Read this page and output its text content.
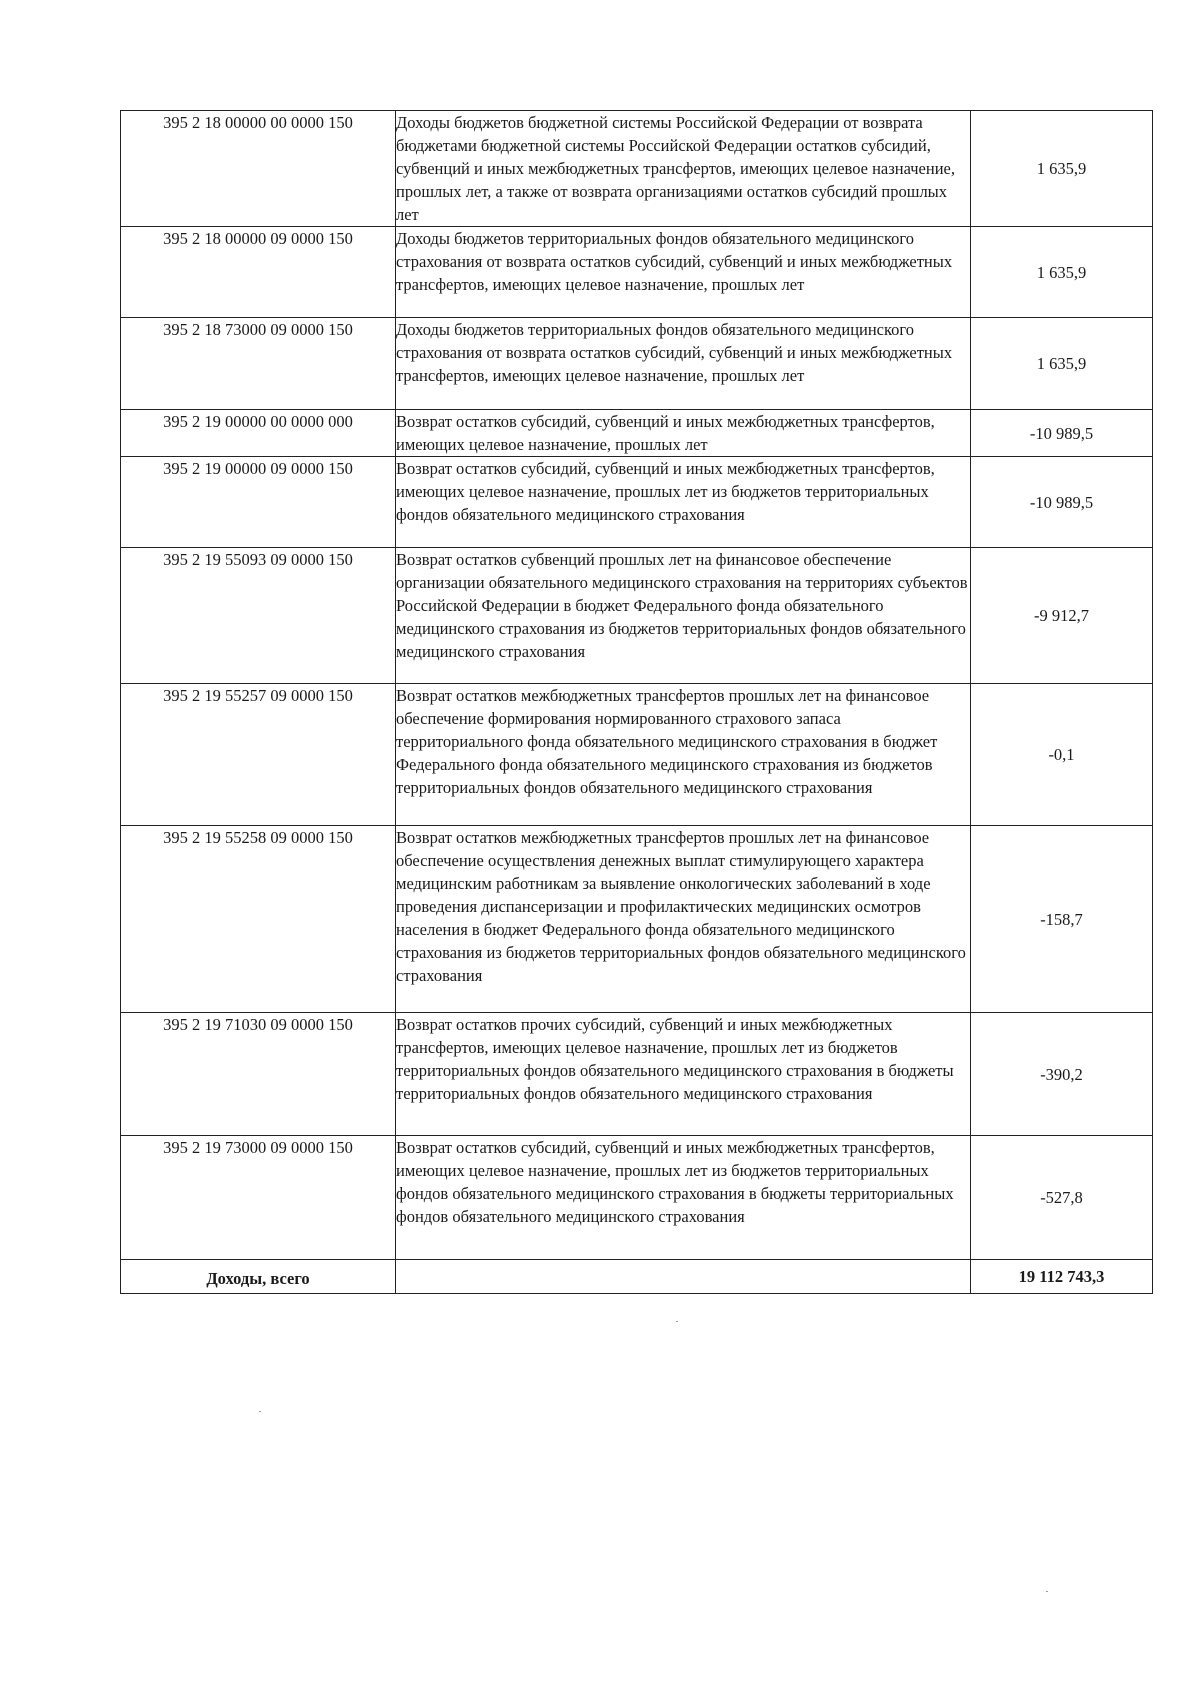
395 2 18 00000 00 0000 150	Доходы бюджетов бюджетной системы Российской Федерации от возврата бюджетами бюджетной системы Российской Федерации остатков субсидий, субвенций и иных межбюджетных трансфертов, имеющих целевое назначение, прошлых лет, а также от возврата организациями остатков субсидий прошлых лет	1 635,9
395 2 18 00000 09 0000 150	Доходы бюджетов территориальных фондов обязательного медицинского страхования от возврата остатков субсидий, субвенций и иных межбюджетных трансфертов, имеющих целевое назначение, прошлых лет	1 635,9
395 2 18 73000 09 0000 150	Доходы бюджетов территориальных фондов обязательного медицинского страхования от возврата остатков субсидий, субвенций и иных межбюджетных трансфертов, имеющих целевое назначение, прошлых лет	1 635,9
395 2 19 00000 00 0000 000	Возврат остатков субсидий, субвенций и иных межбюджетных трансфертов, имеющих целевое назначение, прошлых лет	-10 989,5
395 2 19 00000 09 0000 150	Возврат остатков субсидий, субвенций и иных межбюджетных трансфертов, имеющих целевое назначение, прошлых лет из бюджетов территориальных фондов обязательного медицинского страхования	-10 989,5
395 2 19 55093 09 0000 150	Возврат остатков субвенций прошлых лет на финансовое обеспечение организации обязательного медицинского страхования на территориях субъектов Российской Федерации в бюджет Федерального фонда обязательного медицинского страхования из бюджетов территориальных фондов обязательного медицинского страхования	-9 912,7
395 2 19 55257 09 0000 150	Возврат остатков межбюджетных трансфертов прошлых лет на финансовое обеспечение формирования нормированного страхового запаса территориального фонда обязательного медицинского страхования в бюджет Федерального фонда обязательного медицинского страхования из бюджетов территориальных фондов обязательного медицинского страхования	-0,1
395 2 19 55258 09 0000 150	Возврат остатков межбюджетных трансфертов прошлых лет на финансовое обеспечение осуществления денежных выплат стимулирующего характера медицинским работникам за выявление онкологических заболеваний в ходе проведения диспансеризации и профилактических медицинских осмотров населения в бюджет Федерального фонда обязательного медицинского страхования из бюджетов территориальных фондов обязательного медицинского страхования	-158,7
395 2 19 71030 09 0000 150	Возврат остатков прочих субсидий, субвенций и иных межбюджетных трансфертов, имеющих целевое назначение, прошлых лет из бюджетов территориальных фондов обязательного медицинского страхования в бюджеты территориальных фондов обязательного медицинского страхования	-390,2
395 2 19 73000 09 0000 150	Возврат остатков субсидий, субвенций и иных межбюджетных трансфертов, имеющих целевое назначение, прошлых лет из бюджетов территориальных фондов обязательного медицинского страхования в бюджеты территориальных фондов обязательного медицинского страхования	-527,8
Доходы, всего		19 112 743,3
